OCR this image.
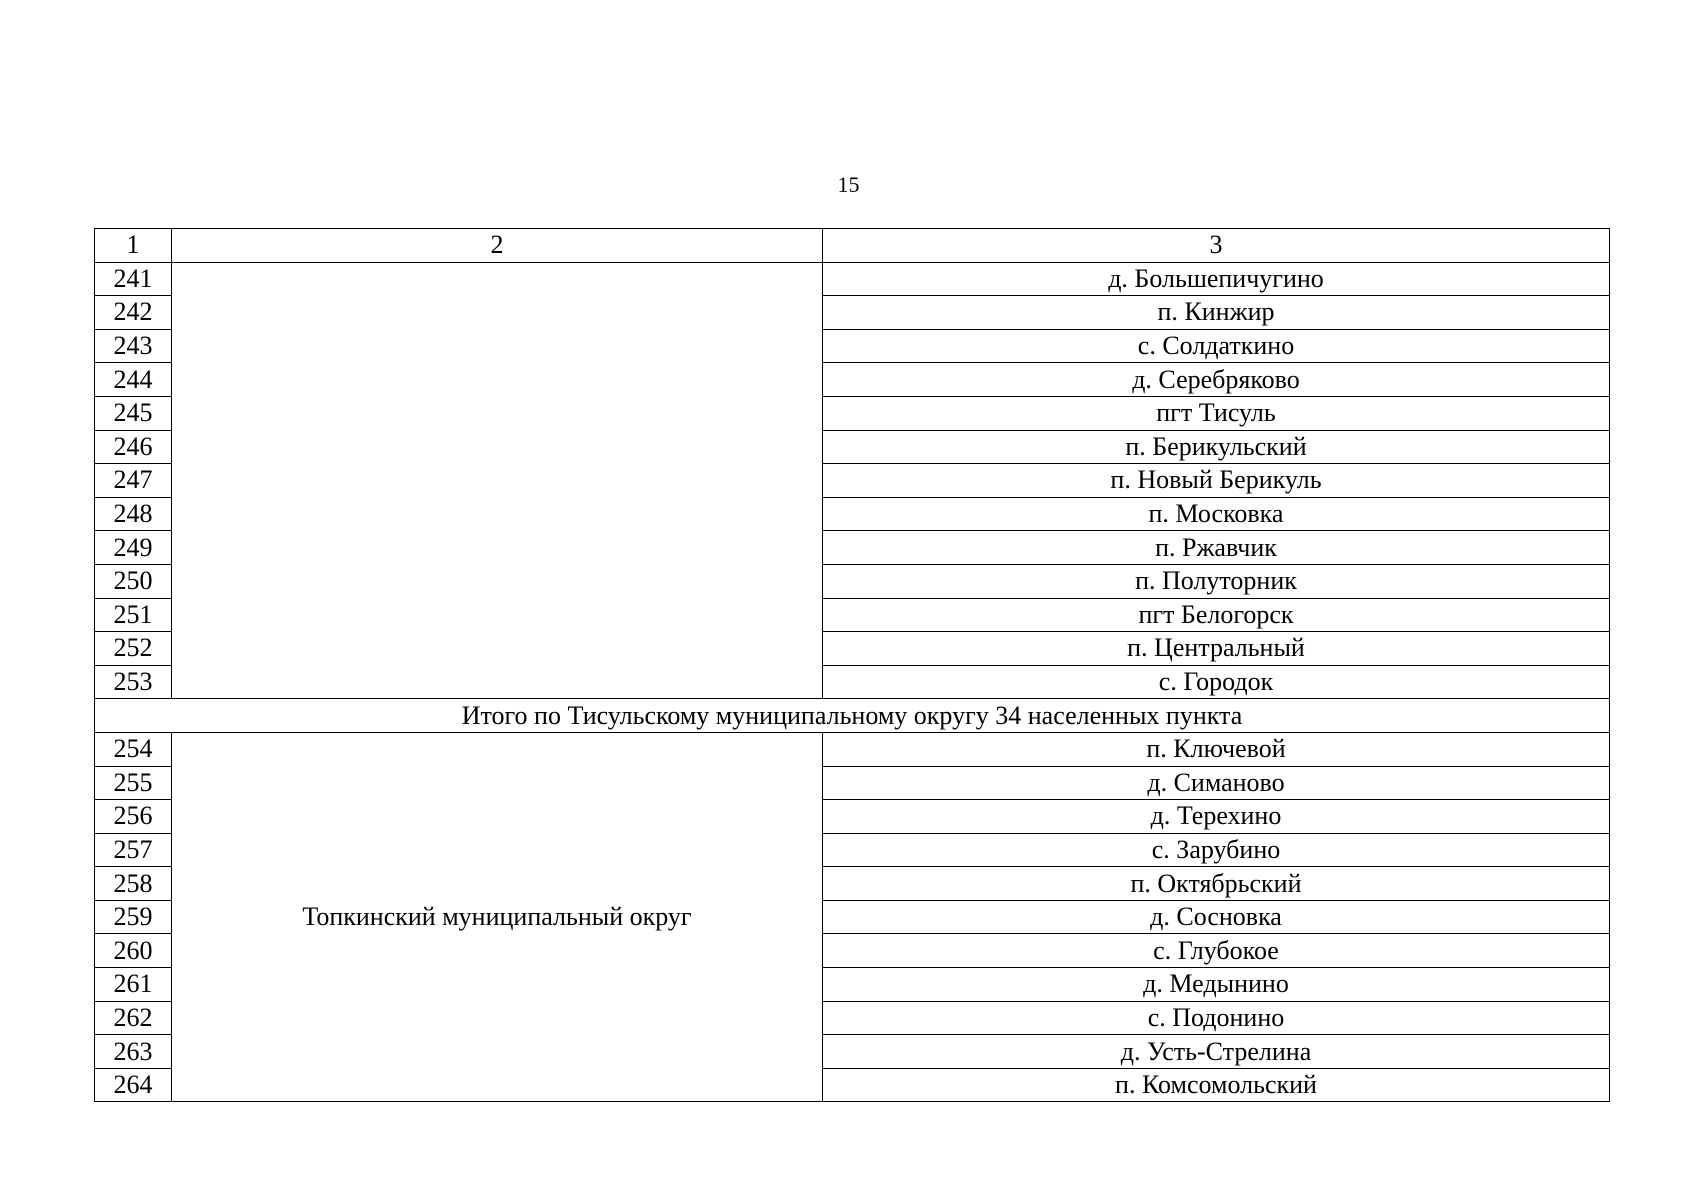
15
1	2	3
241		д. Большепичугино
242		п. Кинжир
243		с. Солдаткино
244		д. Серебряково
245		пгт Тисуль
246		п. Берикульский
247		п. Новый Берикуль
248		п. Московка
249		п. Ржавчик
250		п. Полуторник
251		пгт Белогорск
252		п. Центральный
253		с. Городок
Итого по Тисульскому муниципальному округу 34 населенных пункта		
254	Топкинский муниципальный округ	п. Ключевой
255		д. Симаново
256		д. Терехино
257		с. Зарубино
258		п. Октябрьский
259		д. Сосновка
260		с. Глубокое
261		д. Медынино
262		с. Подонино
263		д. Усть-Стрелина
264		п. Комсомольский
